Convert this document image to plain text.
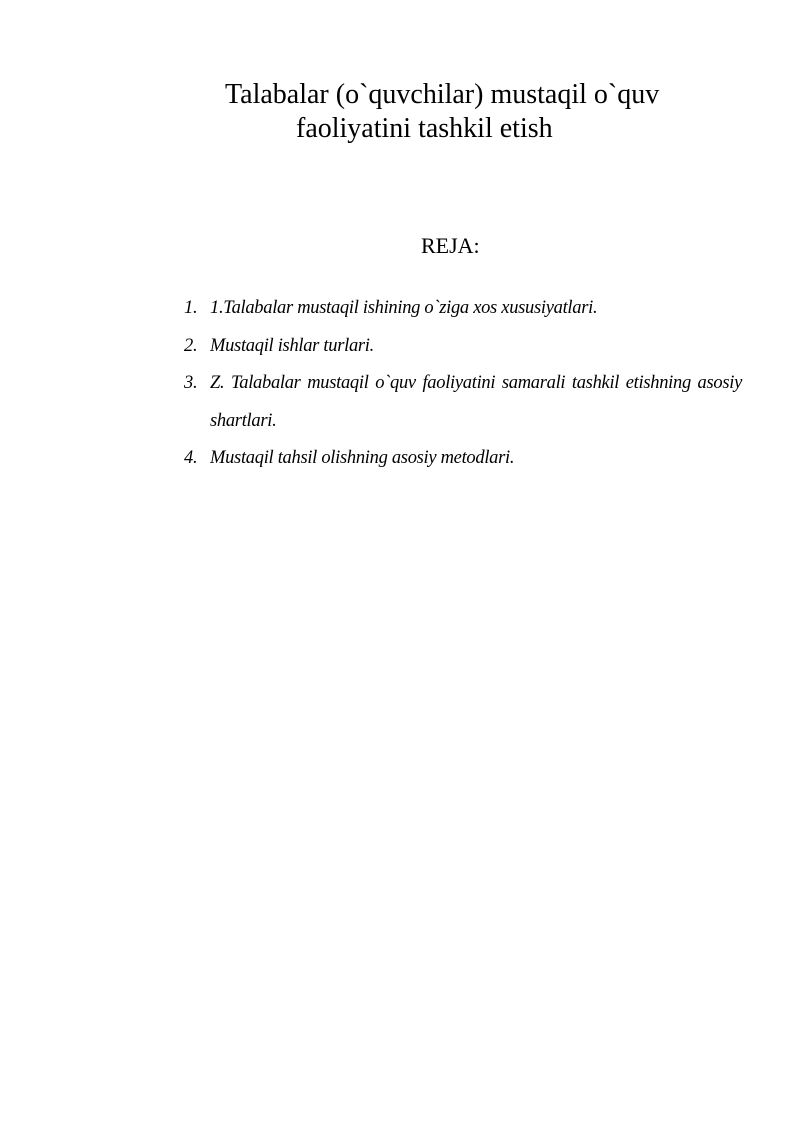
Talabalar (o`quvchilar) mustaqil o`quv
faoliyatini tashkil etish
REJA:
1. 1.Talabalar mustaqil ishining o`ziga xos xususiyatlari.
2. Mustaqil ishlar turlari.
3. Z. Talabalar mustaqil o`quv faoliyatini samarali tashkil etishning asosiy shartlari.
4. Mustaqil tahsil olishning asosiy metodlari.
